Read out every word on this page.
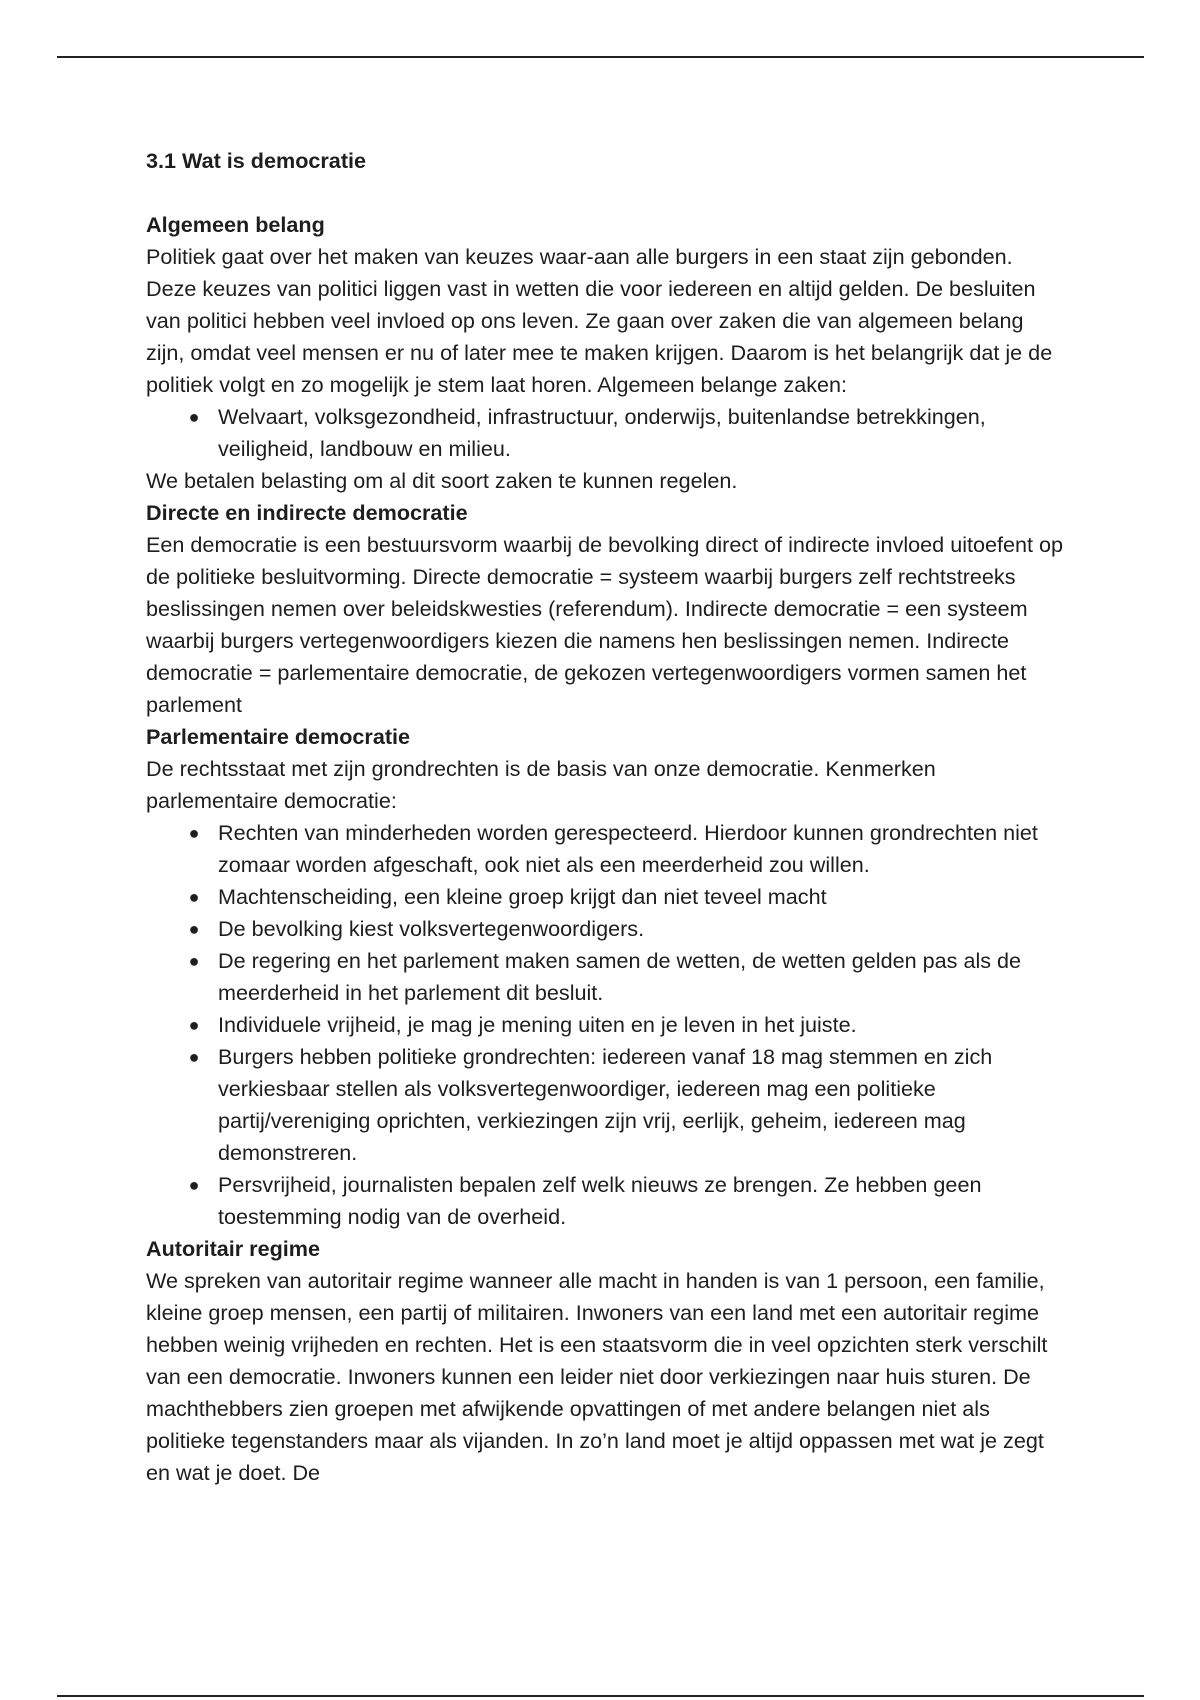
3.1 Wat is democratie
Algemeen belang

Politiek gaat over het maken van keuzes waar-aan alle burgers in een staat zijn gebonden. Deze keuzes van politici liggen vast in wetten die voor iedereen en altijd gelden. De besluiten van politici hebben veel invloed op ons leven. Ze gaan over zaken die van algemeen belang zijn, omdat veel mensen er nu of later mee te maken krijgen. Daarom is het belangrijk dat je de politiek volgt en zo mogelijk je stem laat horen. Algemeen belange zaken:

● Welvaart, volksgezondheid, infrastructuur, onderwijs, buitenlandse betrekkingen, veiligheid, landbouw en milieu.

We betalen belasting om al dit soort zaken te kunnen regelen.

Directe en indirecte democratie

Een democratie is een bestuursvorm waarbij de bevolking direct of indirecte invloed uitoefent op de politieke besluitvorming. Directe democratie = systeem waarbij burgers zelf rechtstreeks beslissingen nemen over beleidskwesties (referendum). Indirecte democratie = een systeem waarbij burgers vertegenwoordigers kiezen die namens hen beslissingen nemen. Indirecte democratie = parlementaire democratie, de gekozen vertegenwoordigers vormen samen het parlement

Parlementaire democratie

De rechtsstaat met zijn grondrechten is de basis van onze democratie. Kenmerken parlementaire democratie:

● Rechten van minderheden worden gerespecteerd. Hierdoor kunnen grondrechten niet zomaar worden afgeschaft, ook niet als een meerderheid zou willen.
● Machtenscheiding, een kleine groep krijgt dan niet teveel macht
● De bevolking kiest volksvertegenwoordigers.
● De regering en het parlement maken samen de wetten, de wetten gelden pas als de meerderheid in het parlement dit besluit.
● Individuele vrijheid, je mag je mening uiten en je leven in het juiste.
● Burgers hebben politieke grondrechten: iedereen vanaf 18 mag stemmen en zich verkiesbaar stellen als volksvertegenwoordiger, iedereen mag een politieke partij/vereniging oprichten, verkiezingen zijn vrij, eerlijk, geheim, iedereen mag demonstreren.
● Persvrijheid, journalisten bepalen zelf welk nieuws ze brengen. Ze hebben geen toestemming nodig van de overheid.
Autoritair regime

We spreken van autoritair regime wanneer alle macht in handen is van 1 persoon, een familie, kleine groep mensen, een partij of militairen. Inwoners van een land met een autoritair regime hebben weinig vrijheden en rechten. Het is een staatsvorm die in veel opzichten sterk verschilt van een democratie. Inwoners kunnen een leider niet door verkiezingen naar huis sturen. De machthebbers zien groepen met afwijkende opvattingen of met andere belangen niet als politieke tegenstanders maar als vijanden. In zo’n land moet je altijd oppassen met wat je zegt en wat je doet. De
